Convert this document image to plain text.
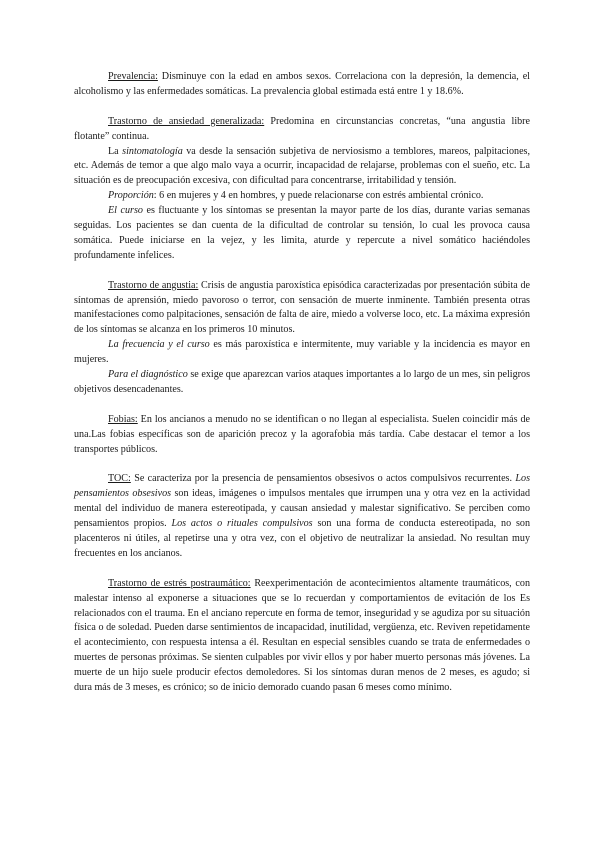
Prevalencia: Disminuye con la edad en ambos sexos. Correlaciona con la depresión, la demencia, el alcoholismo y las enfermedades somáticas. La prevalencia global estimada está entre 1 y 18.6%.

Trastorno de ansiedad generalizada: Predomina en circunstancias concretas, “una angustia libre flotante” continua.

La sintomatología va desde la sensación subjetiva de nerviosismo a temblores, mareos, palpitaciones, etc. Además de temor a que algo malo vaya a ocurrir, incapacidad de relajarse, problemas con el sueño, etc. La situación es de preocupación excesiva, con dificultad para concentrarse, irritabilidad y tensión.

Proporción: 6 en mujeres y 4 en hombres, y puede relacionarse con estrés ambiental crónico.

El curso es fluctuante y los síntomas se presentan la mayor parte de los días, durante varias semanas seguidas. Los pacientes se dan cuenta de la dificultad de controlar su tensión, lo cual les provoca causa somática. Puede iniciarse en la vejez, y les limita, aturde y repercute a nivel somático haciéndoles profundamente infelices.

Trastorno de angustia: Crisis de angustia paroxística episódica caracterizadas por presentación súbita de síntomas de aprensión, miedo pavoroso o terror, con sensación de muerte inminente. También presenta otras manifestaciones como palpitaciones, sensación de falta de aire, miedo a volverse loco, etc. La máxima expresión de los síntomas se alcanza en los primeros 10 minutos.

La frecuencia y el curso es más paroxística e intermitente, muy variable y la incidencia es mayor en mujeres.

Para el diagnóstico se exige que aparezcan varios ataques importantes a lo largo de un mes, sin peligros objetivos desencadenantes.

Fobias: En los ancianos a menudo no se identifican o no llegan al especialista. Suelen coincidir más de una.Las fobias específicas son de aparición precoz y la agorafobia más tardía. Cabe destacar el temor a los transportes públicos.

TOC: Se caracteriza por la presencia de pensamientos obsesivos o actos compulsivos recurrentes. Los pensamientos obsesivos son ideas, imágenes o impulsos mentales que irrumpen una y otra vez en la actividad mental del individuo de manera estereotipada, y causan ansiedad y malestar significativo. Se perciben como pensamientos propios. Los actos o rituales compulsivos son una forma de conducta estereotipada, no son placenteros ni útiles, al repetirse una y otra vez, con el objetivo de neutralizar la ansiedad. No resultan muy frecuentes en los ancianos.

Trastorno de estrés postraumático: Reexperimentación de acontecimientos altamente traumáticos, con malestar intenso al exponerse a situaciones que se lo recuerdan y comportamientos de evitación de los Es relacionados con el trauma. En el anciano repercute en forma de temor, inseguridad y se agudiza por su situación física o de soledad. Pueden darse sentimientos de incapacidad, inutilidad, vergüenza, etc. Reviven repetidamente el acontecimiento, con respuesta intensa a él. Resultan en especial sensibles cuando se trata de enfermedades o muertes de personas próximas. Se sienten culpables por vivir ellos y por haber muerto personas más jóvenes. La muerte de un hijo suele producir efectos demoledores. Si los síntomas duran menos de 2 meses, es agudo; si dura más de 3 meses, es crónico; so de inicio demorado cuando pasan 6 meses como mínimo.
